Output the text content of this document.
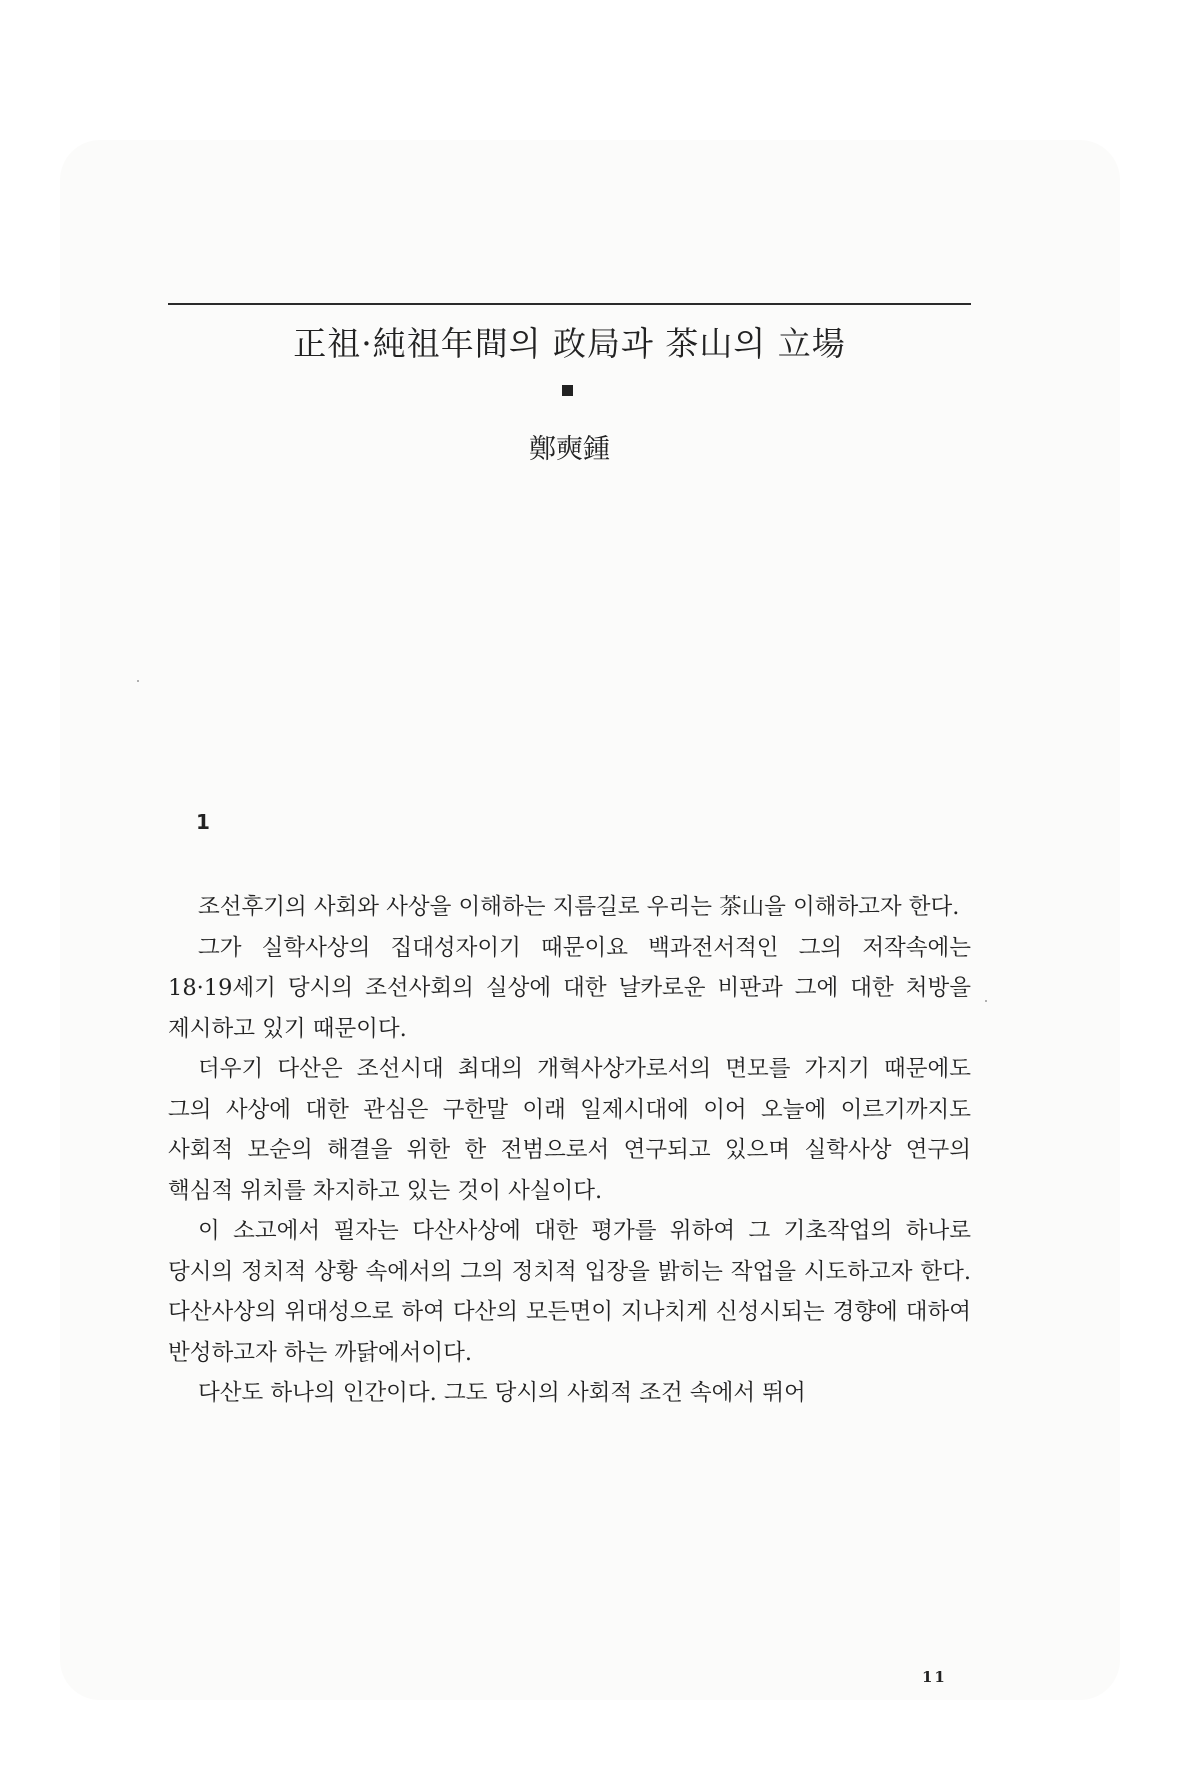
正祖·純祖年間의 政局과 茶山의 立場
鄭奭鍾
1

조선후기의 사회와 사상을 이해하는 지름길로 우리는 茶山을 이해하고자 한다.

그가 실학사상의 집대성자이기 때문이요 백과전서적인 그의 저작속에는 18·19세기 당시의 조선사회의 실상에 대한 날카로운 비판과 그에 대한 처방을 제시하고 있기 때문이다.

더우기 다산은 조선시대 최대의 개혁사상가로서의 면모를 가지기 때문에도 그의 사상에 대한 관심은 구한말 이래 일제시대에 이어 오늘에 이르기까지도 사회적 모순의 해결을 위한 한 전범으로서 연구되고 있으며 실학사상 연구의 핵심적 위치를 차지하고 있는 것이 사실이다.

이 소고에서 필자는 다산사상에 대한 평가를 위하여 그 기초작업의 하나로 당시의 정치적 상황 속에서의 그의 정치적 입장을 밝히는 작업을 시도하고자 한다. 다산사상의 위대성으로 하여 다산의 모든면이 지나치게 신성시되는 경향에 대하여 반성하고자 하는 까닭에서이다.

다산도 하나의 인간이다. 그도 당시의 사회적 조건 속에서 뛰어

11
